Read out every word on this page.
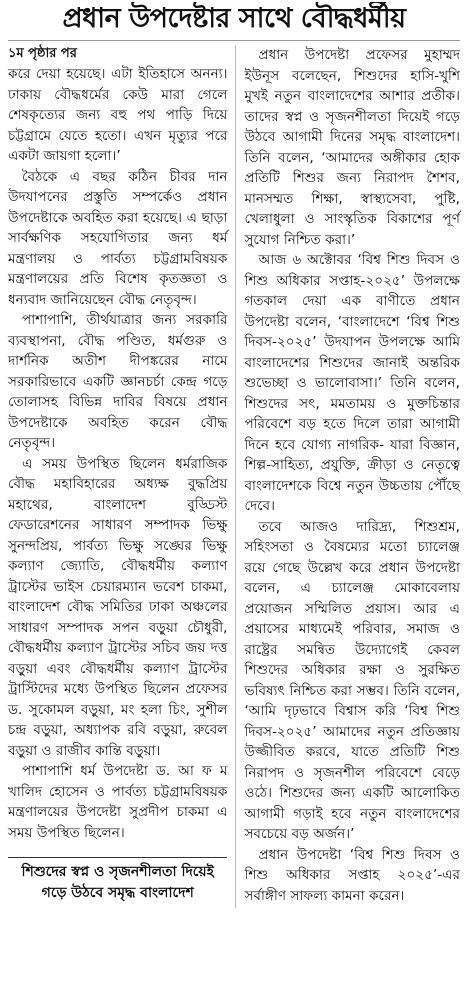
প্রধান উপদেষ্টার সাথে বৌদ্ধধর্মীয়
১ম পৃষ্ঠার পর

করে দেয়া হয়েছে। এটা ইতিহাসে অনন্য। ঢাকায় বৌদ্ধধর্মের কেউ মারা গেলে শেষকৃত্যের জন্য বহু পথ পাড়ি দিয়ে চট্টগ্রামে যেতে হতো। এখন মৃত্যুর পরে একটা জায়গা হলো।’

বৈঠকে এ বছর কঠিন চীবর দান উদযাপনের প্রস্তুতি সম্পর্কেও প্রধান উপদেষ্টাকে অবহিত করা হয়েছে। এ ছাড়া সার্বক্ষণিক সহযোগিতার জন্য ধর্ম মন্ত্রণালয় ও পার্বত্য চট্টগ্রামবিষয়ক মন্ত্রণালয়ের প্রতি বিশেষ কৃতজ্ঞতা ও ধন্যবাদ জানিয়েছেন বৌদ্ধ নেতৃবৃন্দ।

পাশাপাশি, তীর্থযাত্রার জন্য সরকারি ব্যবস্থাপনা, বৌদ্ধ পণ্ডিত, ধর্মগুরু ও দার্শনিক অতীশ দীপঙ্করের নামে সরকারিভাবে একটি জ্ঞানচর্চা কেন্দ্র গড়ে তোলাসহ বিভিন্ন দাবির বিষয়ে প্রধান উপদেষ্টাকে অবহিত করেন বৌদ্ধ নেতৃবৃন্দ।

এ সময় উপস্থিত ছিলেন ধর্মরাজিক বৌদ্ধ মহাবিহারের অধ্যক্ষ বুদ্ধপ্রিয় মহাথের, বাংলাদেশ বুড্ডিস্ট ফেডারেশনের সাধারণ সম্পাদক ভিক্ষু সুনন্দপ্রিয়, পার্বত্য ভিক্ষু সঙ্ঘের ভিক্ষু কল্যাণ জ্যোতি, বৌদ্ধধর্মীয় কল্যাণ ট্রাস্টের ভাইস চেয়ারম্যান ভবেশ চাকমা, বাংলাদেশ বৌদ্ধ সমিতির ঢাকা অঞ্চলের সাধারণ সম্পাদক সপন বড়ুয়া চৌধুরী, বৌদ্ধধর্মীয় কল্যাণ ট্রাস্টের সচিব জয় দত্ত বড়ুয়া এবং বৌদ্ধধর্মীয় কল্যাণ ট্রাস্টের ট্রাস্টিদের মধ্যে উপস্থিত ছিলেন প্রফেসর ড. সুকোমল বড়ুয়া, মং হলা চিং, সুশীল চন্দ্র বড়ুয়া, অধ্যাপক রবি বড়ুয়া, রুবেল বড়ুয়া ও রাজীব কান্তি বড়ুয়া।

পাশাপাশি ধর্ম উপদেষ্টা ড. আ ফ ম খালিদ হোসেন ও পার্বত্য চট্টগ্রামবিষয়ক মন্ত্রণালয়ের উপদেষ্টা সুপ্রদীপ চাকমা এ সময় উপস্থিত ছিলেন।

শিশুদের স্বপ্ন ও সৃজনশীলতা দিয়েই গড়ে উঠবে সমৃদ্ধ বাংলাদেশ

প্রধান উপদেষ্টা প্রফেসর মুহাম্মদ ইউনূস বলেছেন, শিশুদের হাসি-খুশি মুখই নতুন বাংলাদেশের আশার প্রতীক। তাদের স্বপ্ন ও সৃজনশীলতা দিয়েই গড়ে উঠবে আগামী দিনের সমৃদ্ধ বাংলাদেশ। তিনি বলেন, ‘আমাদের অঙ্গীকার হোক প্রতিটি শিশুর জন্য নিরাপদ শৈশব, মানসম্মত শিক্ষা, স্বাস্থ্যসেবা, পুষ্টি, খেলাধুলা ও সাংস্কৃতিক বিকাশের পূর্ণ সুযোগ নিশ্চিত করা।’

আজ ৬ অক্টোবর ‘বিশ্ব শিশু দিবস ও শিশু অধিকার সপ্তাহ-২০২৫’ উপলক্ষে গতকাল দেয়া এক বাণীতে প্রধান উপদেষ্টা বলেন, ‘বাংলাদেশে ‘বিশ্ব শিশু দিবস-২০২৫’ উদযাপন উপলক্ষে আমি বাংলাদেশের শিশুদের জানাই অন্তরিক শুভেচ্ছা ও ভালোবাসা।’ তিনি বলেন, শিশুদের সৎ, মমতাময় ও মুক্তচিন্তার পরিবেশে বড় হতে দিলে তারা আগামী দিনে হবে যোগ্য নাগরিক- যারা বিজ্ঞান, শিল্প-সাহিত্য, প্রযুক্তি, ক্রীড়া ও নেতৃত্বে বাংলাদেশকে বিশ্বে নতুন উচ্চতায় পৌঁছে দেবে।

তবে আজও দারিদ্র্য, শিশুশ্রম, সহিংসতা ও বৈষম্যের মতো চ্যালেঞ্জ রয়ে গেছে উল্লেখ করে প্রধান উপদেষ্টা বলেন, এ চ্যালেঞ্জ মোকাবেলায় প্রয়োজন সম্মিলিত প্রয়াস। আর এ প্রয়াসের মাধ্যমেই পরিবার, সমাজ ও রাষ্ট্রের সমন্বিত উদ্যোগেই কেবল শিশুদের অধিকার রক্ষা ও সুরক্ষিত ভবিষ্যৎ নিশ্চিত করা সম্ভব। তিনি বলেন, ‘আমি দৃঢ়ভাবে বিশ্বাস করি ‘বিশ্ব শিশু দিবস-২০২৫’ আমাদের নতুন প্রতিজ্ঞায় উজ্জীবিত করবে, যাতে প্রতিটি শিশু নিরাপদ ও সৃজনশীল পরিবেশে বেড়ে ওঠে। শিশুদের জন্য একটি আলোকিত আগামী গড়াই হবে নতুন বাংলাদেশের সবচেয়ে বড় অর্জন।’

প্রধান উপদেষ্টা ‘বিশ্ব শিশু দিবস ও শিশু অধিকার সপ্তাহ ২০২৫’-এর সর্বাঙ্গীণ সাফল্য কামনা করেন।
